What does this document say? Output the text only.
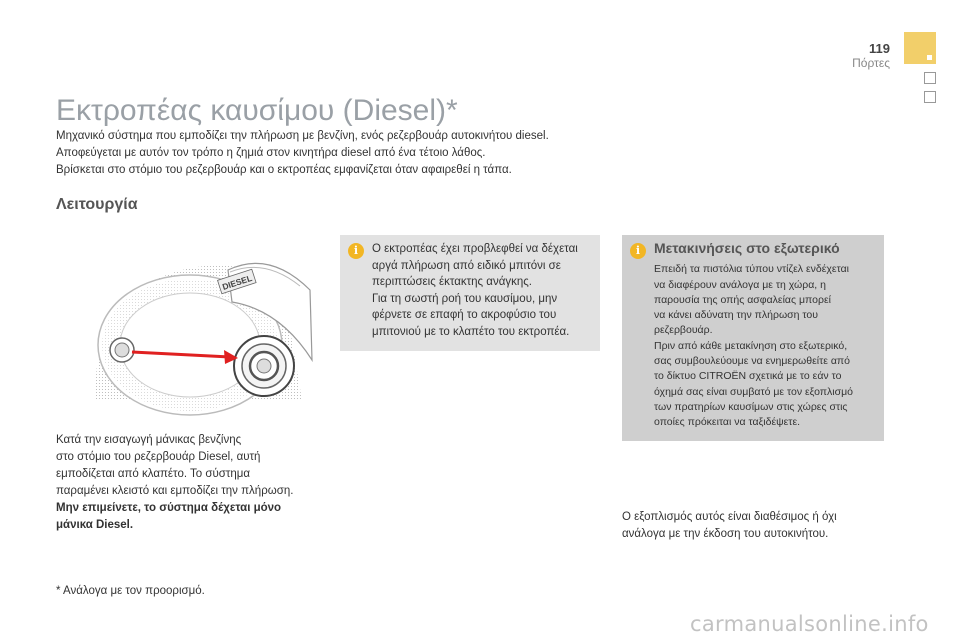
119
Πόρτες
Εκτροπέας καυσίμου (Diesel)*

Μηχανικό σύστημα που εμποδίζει την πλήρωση με βενζίνη, ενός ρεζερβουάρ αυτοκινήτου diesel.

Αποφεύγεται με αυτόν τον τρόπο η ζημιά στον κινητήρα diesel από ένα τέτοιο λάθος.

Βρίσκεται στο στόμιο του ρεζερβουάρ και ο εκτροπέας εμφανίζεται όταν αφαιρεθεί η τάπα.

Λειτουργία
DIESEL

Κατά την εισαγωγή μάνικας βενζίνης

στο στόμιο του ρεζερβουάρ Diesel, αυτή

εμποδίζεται από κλαπέτο. Το σύστημα

παραμένει κλειστό και εμποδίζει την πλήρωση.

Μην επιμείνετε, το σύστημα δέχεται μόνο

μάνικα Diesel.

i	Ο εκτροπέας έχει προβλεφθεί να δέχεται

αργά πλήρωση από ειδικό μπιτόνι σε

περιπτώσεις έκτακτης ανάγκης.

Για τη σωστή ροή του καυσίμου, μην

φέρνετε σε επαφή το ακροφύσιο του

μπιτονιού με το κλαπέτο του εκτροπέα.

i Μετακινήσεις στο εξωτερικό

Επειδή τα πιστόλια τύπου ντίζελ ενδέχεται

να διαφέρουν ανάλογα με τη χώρα, η

παρουσία της οπής ασφαλείας μπορεί

να κάνει αδύνατη την πλήρωση του

ρεζερβουάρ.

Πριν από κάθε μετακίνηση στο εξωτερικό,

σας συμβουλεύουμε να ενημερωθείτε από

το δίκτυο CITROËN σχετικά με το εάν το

όχημά σας είναι συμβατό με τον εξοπλισμό

των πρατηρίων καυσίμων στις χώρες στις

οποίες πρόκειται να ταξιδέψετε.

Ο εξοπλισμός αυτός είναι διαθέσιμος ή όχι

ανάλογα με την έκδοση του αυτοκινήτου.

* Ανάλογα με τον προορισμό.
carmanualsonline.info
